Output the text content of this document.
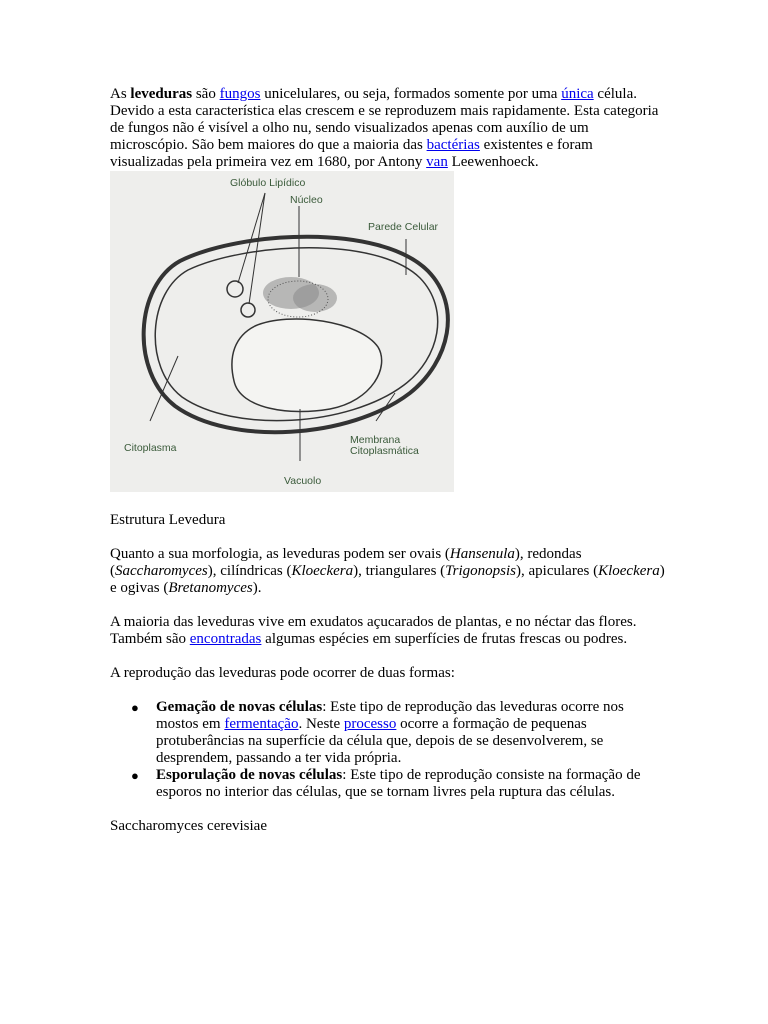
As leveduras são fungos unicelulares, ou seja, formados somente por uma única célula. Devido a esta característica elas crescem e se reproduzem mais rapidamente. Esta categoria de fungos não é visível a olho nu, sendo visualizados apenas com auxílio de um microscópio. São bem maiores do que a maioria das bactérias existentes e foram visualizadas pela primeira vez em 1680, por Antony van Leewenhoeck.

Glóbulo Lipídico
Núcleo
Parede Celular
Citoplasma
Membrana
Citoplasmática
Vacuolo

Estrutura Levedura

Quanto a sua morfologia, as leveduras podem ser ovais (Hansenula), redondas (Saccharomyces), cilíndricas (Kloeckera), triangulares (Trigonopsis), apiculares (Kloeckera) e ogivas (Bretanomyces).

A maioria das leveduras vive em exudatos açucarados de plantas, e no néctar das flores. Também são encontradas algumas espécies em superfícies de frutas frescas ou podres.

A reprodução das leveduras pode ocorrer de duas formas:

● Gemação de novas células: Este tipo de reprodução das leveduras ocorre nos mostos em fermentação. Neste processo ocorre a formação de pequenas protuberâncias na superfície da célula que, depois de se desenvolverem, se desprendem, passando a ter vida própria.
● Esporulação de novas células: Este tipo de reprodução consiste na formação de esporos no interior das células, que se tornam livres pela ruptura das células.

Saccharomyces cerevisiae
